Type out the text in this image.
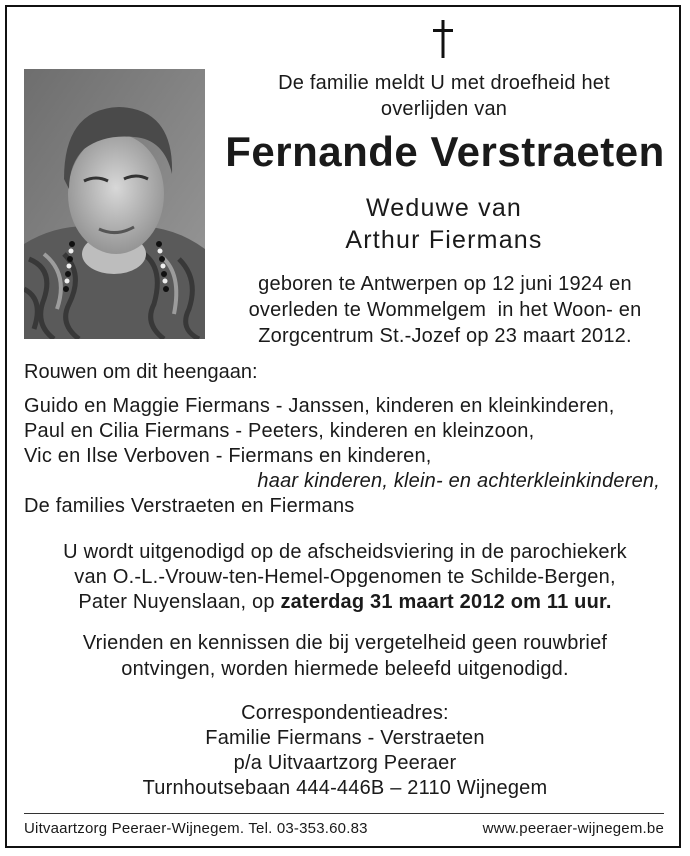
De familie meldt U met droefheid het
overlijden van
Fernande Verstraeten
Weduwe van
Arthur Fiermans
geboren te Antwerpen op 12 juni 1924 en
overleden te Wommelgem  in het Woon- en
Zorgcentrum St.-Jozef op 23 maart 2012.
Rouwen om dit heengaan:
Guido en Maggie Fiermans - Janssen, kinderen en kleinkinderen,
Paul en Cilia Fiermans - Peeters, kinderen en kleinzoon,
Vic en Ilse Verboven - Fiermans en kinderen,
haar kinderen, klein- en achterkleinkinderen,
De families Verstraeten en Fiermans
U wordt uitgenodigd op de afscheidsviering in de parochiekerk
van O.-L.-Vrouw-ten-Hemel-Opgenomen te Schilde-Bergen,
Pater Nuyenslaan, op zaterdag 31 maart 2012 om 11 uur.
Vrienden en kennissen die bij vergetelheid geen rouwbrief
ontvingen, worden hiermede beleefd uitgenodigd.
Correspondentieadres:
Familie Fiermans - Verstraeten
p/a Uitvaartzorg Peeraer
Turnhoutsebaan 444-446B – 2110 Wijnegem
Uitvaartzorg Peeraer-Wijnegem. Tel. 03-353.60.83	www.peeraer-wijnegem.be
